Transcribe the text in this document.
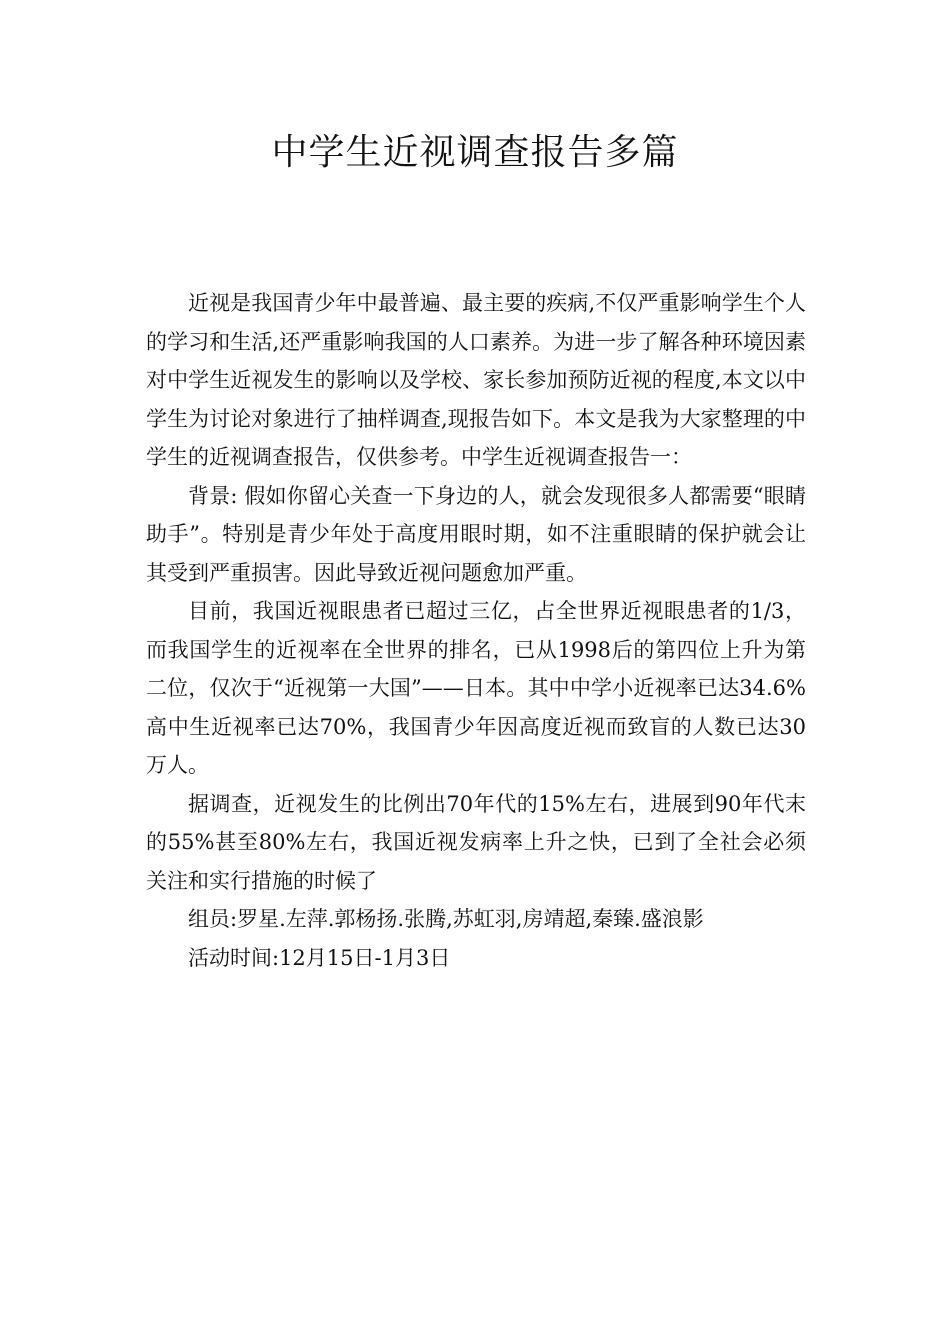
中学生近视调查报告多篇

近视是我国青少年中最普遍、最主要的疾病,不仅严重影响学生个人的学习和生活,还严重影响我国的人口素养。为进一步了解各种环境因素对中学生近视发生的影响以及学校、家长参加预防近视的程度,本文以中学生为讨论对象进行了抽样调查,现报告如下。本文是我为大家整理的中学生的近视调查报告，仅供参考。中学生近视调查报告一：

背景: 假如你留心关查一下身边的人，就会发现很多人都需要“眼睛助手”。特别是青少年处于高度用眼时期，如不注重眼睛的保护就会让其受到严重损害。因此导致近视问题愈加严重。

目前，我国近视眼患者已超过三亿，占全世界近视眼患者的1/3，而我国学生的近视率在全世界的排名，已从1998后的第四位上升为第二位，仅次于“近视第一大国”——日本。其中中学小近视率已达34.6%高中生近视率已达70%，我国青少年因高度近视而致盲的人数已达30万人。

据调查，近视发生的比例出70年代的15%左右，进展到90年代末的55%甚至80%左右，我国近视发病率上升之快，已到了全社会必须关注和实行措施的时候了

组员:罗星.左萍.郭杨扬.张腾,苏虹羽,房靖超,秦臻.盛浪影

活动时间:12月15日-1月3日
